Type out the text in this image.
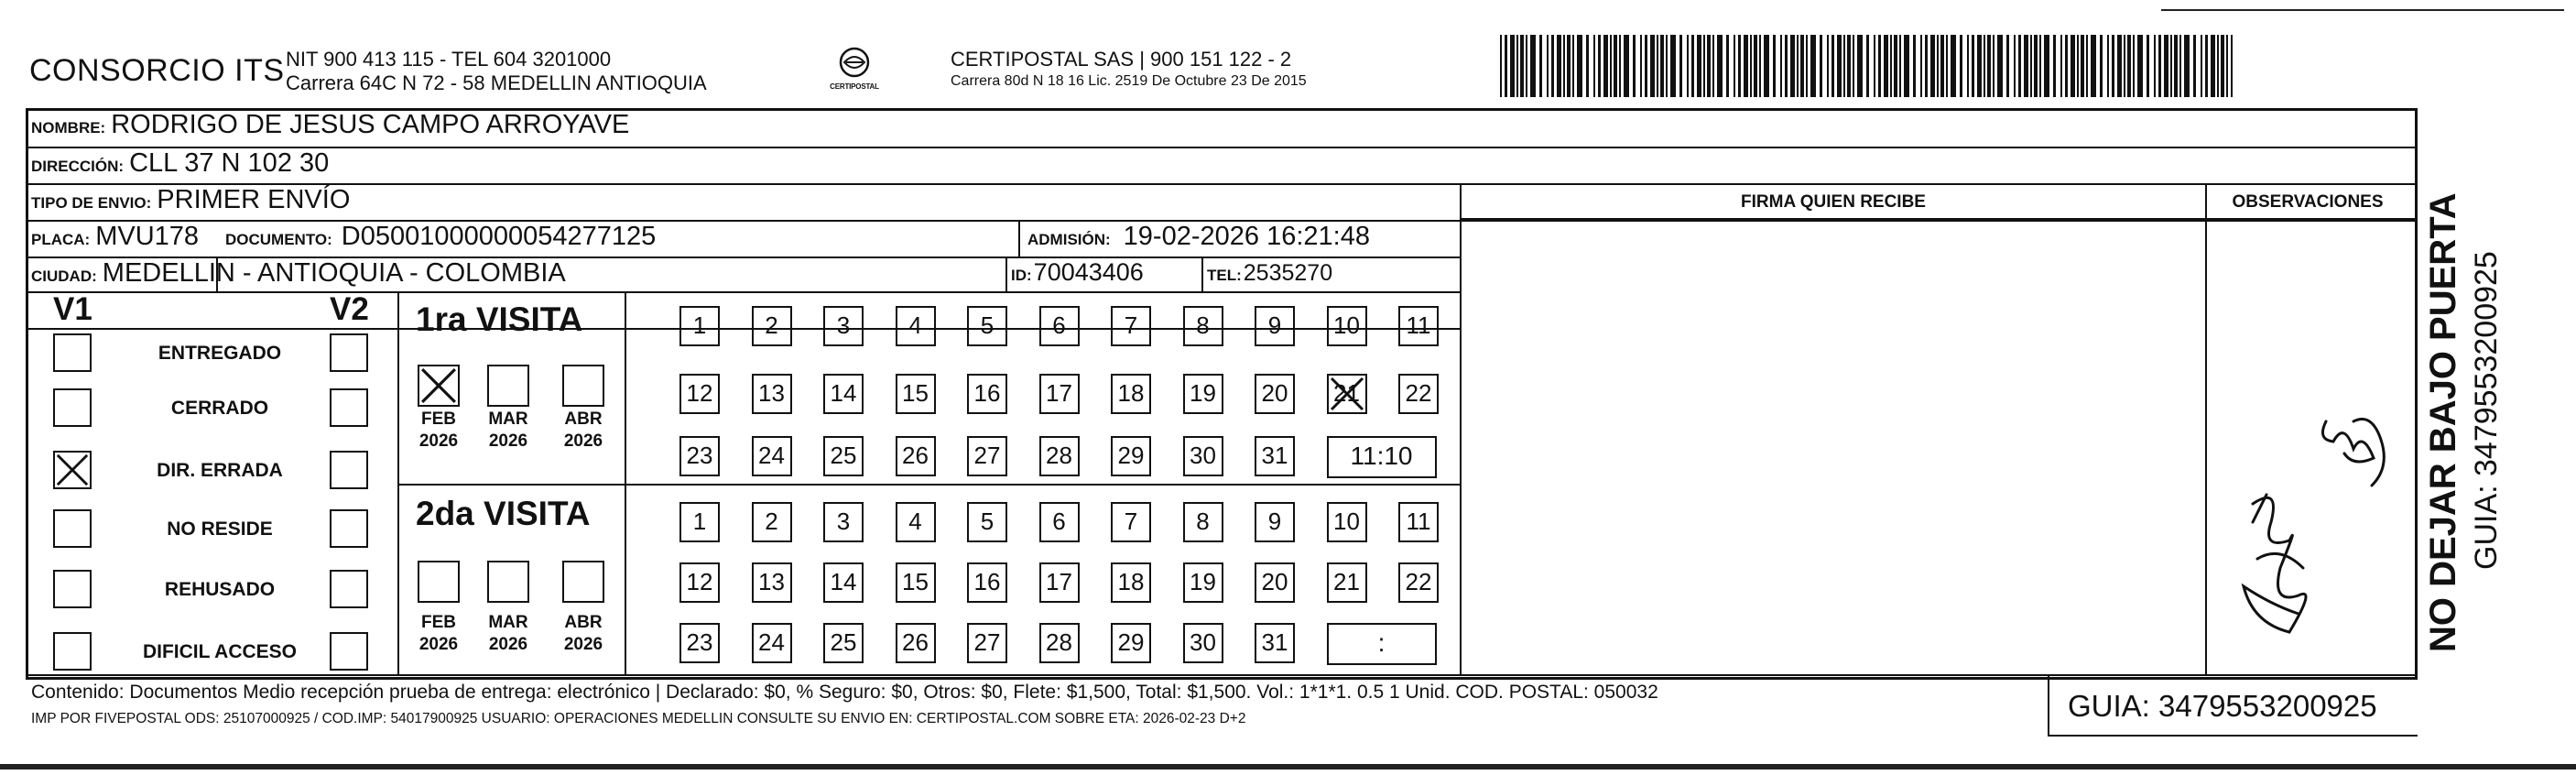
CONSORCIO ITS NIT 900 413 115 - TEL 604 3201000
Carrera 64C N 72 - 58 MEDELLIN ANTIOQUIA	CERTIPOSTAL
CERTIPOSTAL SAS | 900 151 122 - 2
Carrera 80d N 18 16 Lic. 2519 De Octubre 23 De 2015
NOMBRE: RODRIGO DE JESUS CAMPO ARROYAVE
DIRECCIÓN: CLL 37 N 102 30
TIPO DE ENVIO: PRIMER ENVÍO	FIRMA QUIEN RECIBE	OBSERVACIONES
PLACA: MVU178 DOCUMENTO: D05001000000054277125	ADMISIÓN: 19-02-2026 16:21:48
CIUDAD: MEDELLIN - ANTIOQUIA - COLOMBIA	ID: 70043406	TEL: 2535270
V1	V2
ENTREGADO
CERRADO
DIR. ERRADA
NO RESIDE
REHUSADO
DIFICIL ACCESO
1ra VISITA
FEB
2026
MAR
2026
ABR
2026
1	2	3	4	5	6	7	8	9	10	11
12 13 14 15 16 17 18 19 20 21 22
23 24 25 26 27 28 29 30 31	11:10
2da VISITA
FEB
2026
MAR
2026
ABR
2026
1	2	3	4	5	6	7	8	9	10	11
12 13 14 15 16 17 18 19 20 21 22
23 24 25 26 27 28 29 30 31	:
Contenido: Documentos Medio recepción prueba de entrega: electrónico | Declarado: $0, % Seguro: $0, Otros: $0, Flete: $1,500, Total: $1,500. Vol.: 1*1*1. 0.5 1 Unid. COD. POSTAL: 050032
IMP POR FIVEPOSTAL ODS: 25107000925 / COD.IMP: 54017900925 USUARIO: OPERACIONES MEDELLIN CONSULTE SU ENVIO EN: CERTIPOSTAL.COM SOBRE ETA: 2026-02-23 D+2	GUIA: 3479553200925
NO DEJAR BAJO PUERTA GUIA: 3479553200925
